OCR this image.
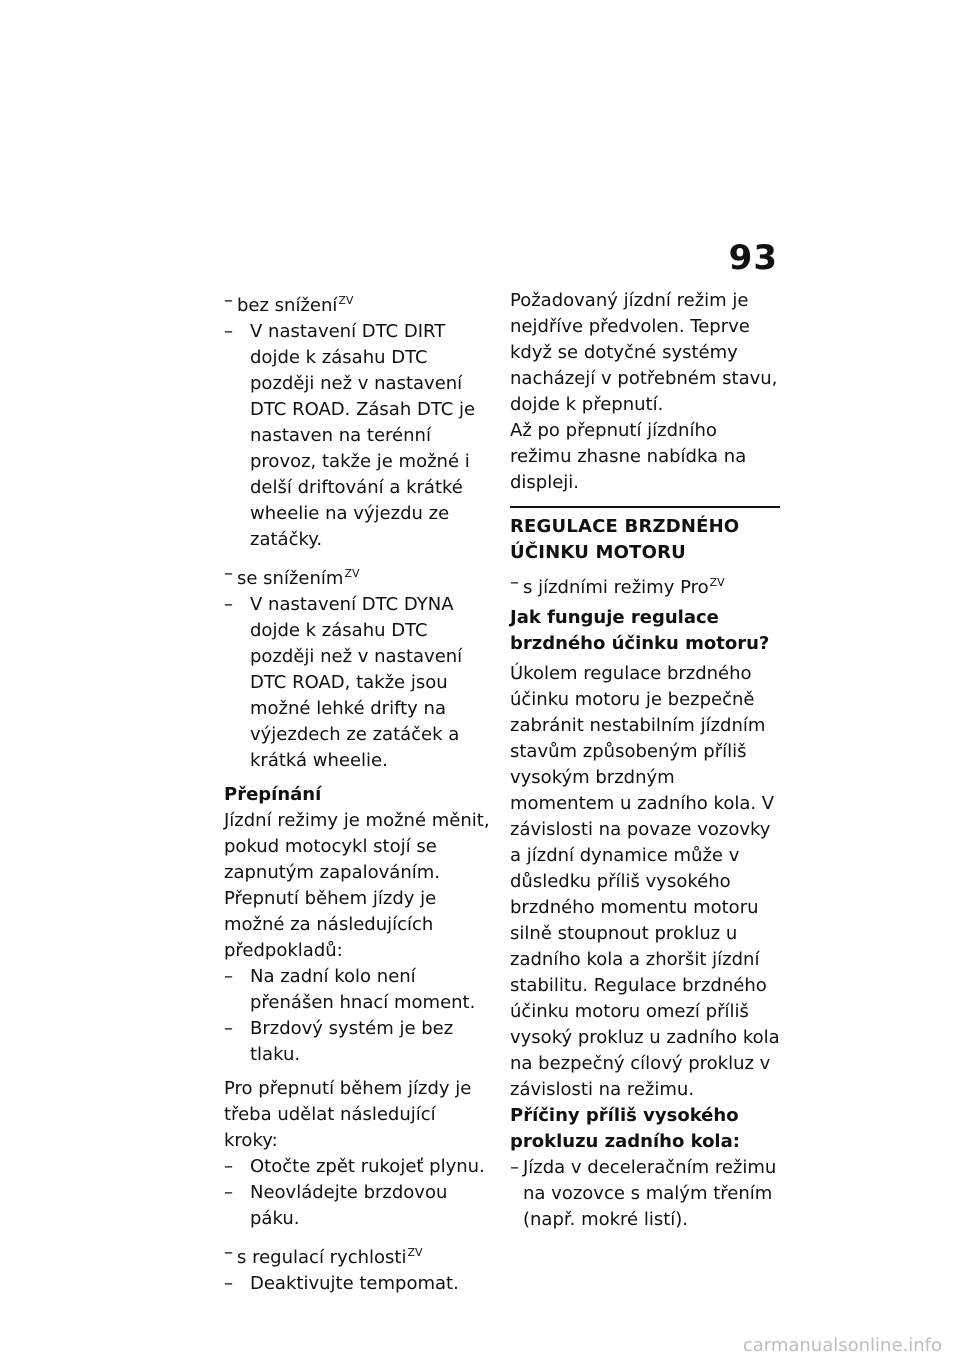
93
– bez snížení$^{ZV}$
– V nastavení DTC DIRT dojde k zásahu DTC později než v nastavení DTC ROAD. Zásah DTC je nastaven na terénní provoz, takže je možné i delší driftování a krátké wheelie na výjezdu ze zatáčky.
– se snížením$^{ZV}$
– V nastavení DTC DYNA dojde k zásahu DTC později než v nastavení DTC ROAD, takže jsou možné lehké drifty na výjezdech ze zatáček a krátká wheelie.
Přepínání

Jízdní režimy je možné měnit, pokud motocykl stojí se zapnutým zapalováním. Přepnutí během jízdy je možné za následujících předpokladů:

– Na zadní kolo není přenášen hnací moment.
– Brzdový systém je bez tlaku.

Pro přepnutí během jízdy je třeba udělat následující kroky:

– Otočte zpět rukojeť plynu.
– Neovládejte brzdovou páku.
– s regulací rychlosti$^{ZV}$
– Deaktivujte tempomat.

Požadovaný jízdní režim je nejdříve předvolen. Teprve když se dotyčné systémy nacházejí v potřebném stavu, dojde k přepnutí.

Až po přepnutí jízdního režimu zhasne nabídka na displeji.

REGULACE BRZDNÉHO ÚČINKU MOTORU
– s jízdními režimy Pro$^{ZV}$
Jak funguje regulace brzdného účinku motoru?

Úkolem regulace brzdného účinku motoru je bezpečně zabránit nestabilním jízdním stavům způsobeným příliš vysokým brzdným momentem u zadního kola. V závislosti na povaze vozovky a jízdní dynamice může v důsledku příliš vysokého brzdného momentu motoru silně stoupnout prokluz u zadního kola a zhoršit jízdní stabilitu. Regulace brzdného účinku motoru omezí příliš vysoký prokluz u zadního kola na bezpečný cílový prokluz v závislosti na režimu.

Příčiny příliš vysokého prokluzu zadního kola:
– Jízda v deceleračním režimu na vozovce s malým třením (např. mokré listí).
carmanualsonline.info
